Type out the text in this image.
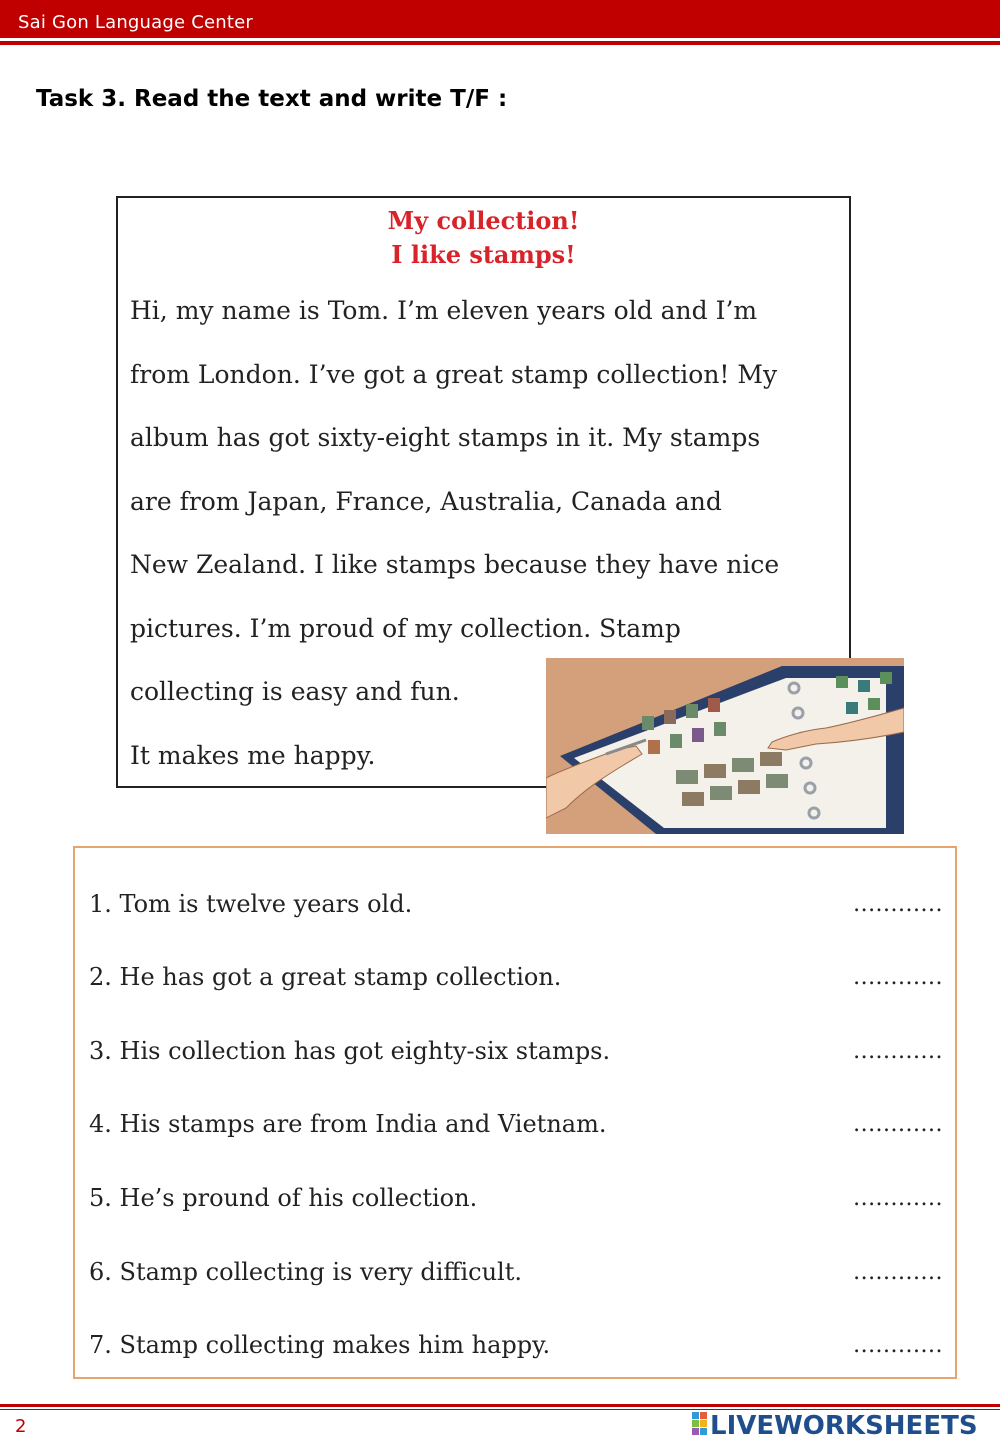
Sai Gon Language Center
Task 3. Read the text and write T/F :
My collection!
I like stamps!
Hi, my name is Tom. I’m eleven years old and I’m
from London. I’ve got a great stamp collection! My
album has got sixty-eight stamps in it. My stamps
are from Japan, France, Australia, Canada and
New Zealand. I like stamps because they have nice
pictures. I’m proud of my collection. Stamp
collecting is easy and fun.
It makes me happy.
1. Tom is twelve years old.	............
2. He has got a great stamp collection.	............
3. His collection has got eighty-six stamps.	............
4. His stamps are from India and Vietnam.	............
5. He’s pround of his collection.	............
6. Stamp collecting is very difficult.	............
7. Stamp collecting makes him happy.	............
2	LIVEWORKSHEETS
